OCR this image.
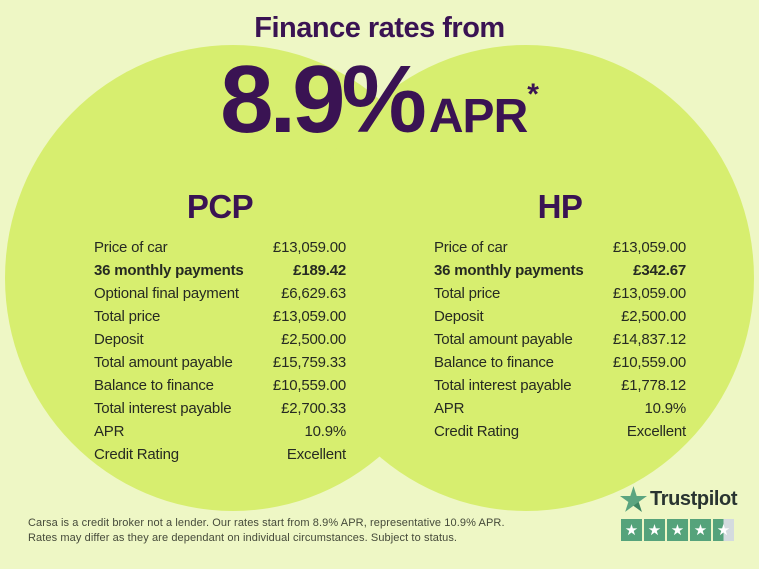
Finance rates from
8.9% APR*
PCP
Price of car	£13,059.00
36 monthly payments	£189.42
Optional final payment	£6,629.63
Total price	£13,059.00
Deposit	£2,500.00
Total amount payable	£15,759.33
Balance to finance	£10,559.00
Total interest payable	£2,700.33
APR	10.9%
Credit Rating	Excellent
HP
Price of car	£13,059.00
36 monthly payments	£342.67
Total price	£13,059.00
Deposit	£2,500.00
Total amount payable	£14,837.12
Balance to finance	£10,559.00
Total interest payable	£1,778.12
APR	10.9%
Credit Rating	Excellent
Carsa is a credit broker not a lender. Our rates start from 8.9% APR, representative 10.9% APR.
Rates may differ as they are dependant on individual circumstances. Subject to status.
Trustpilot
★ ★ ★ ★ ★
